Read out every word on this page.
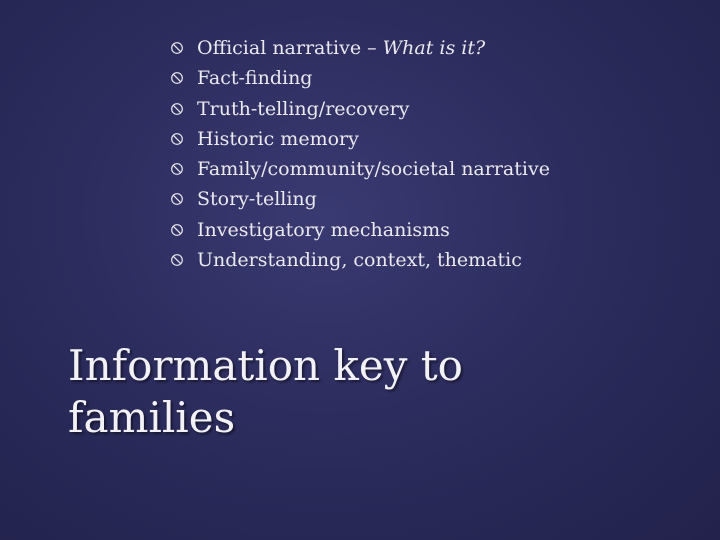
Official narrative – What is it?
Fact-finding
Truth-telling/recovery
Historic memory
Family/community/societal narrative
Story-telling
Investigatory mechanisms
Understanding, context, thematic
Information key to
families
